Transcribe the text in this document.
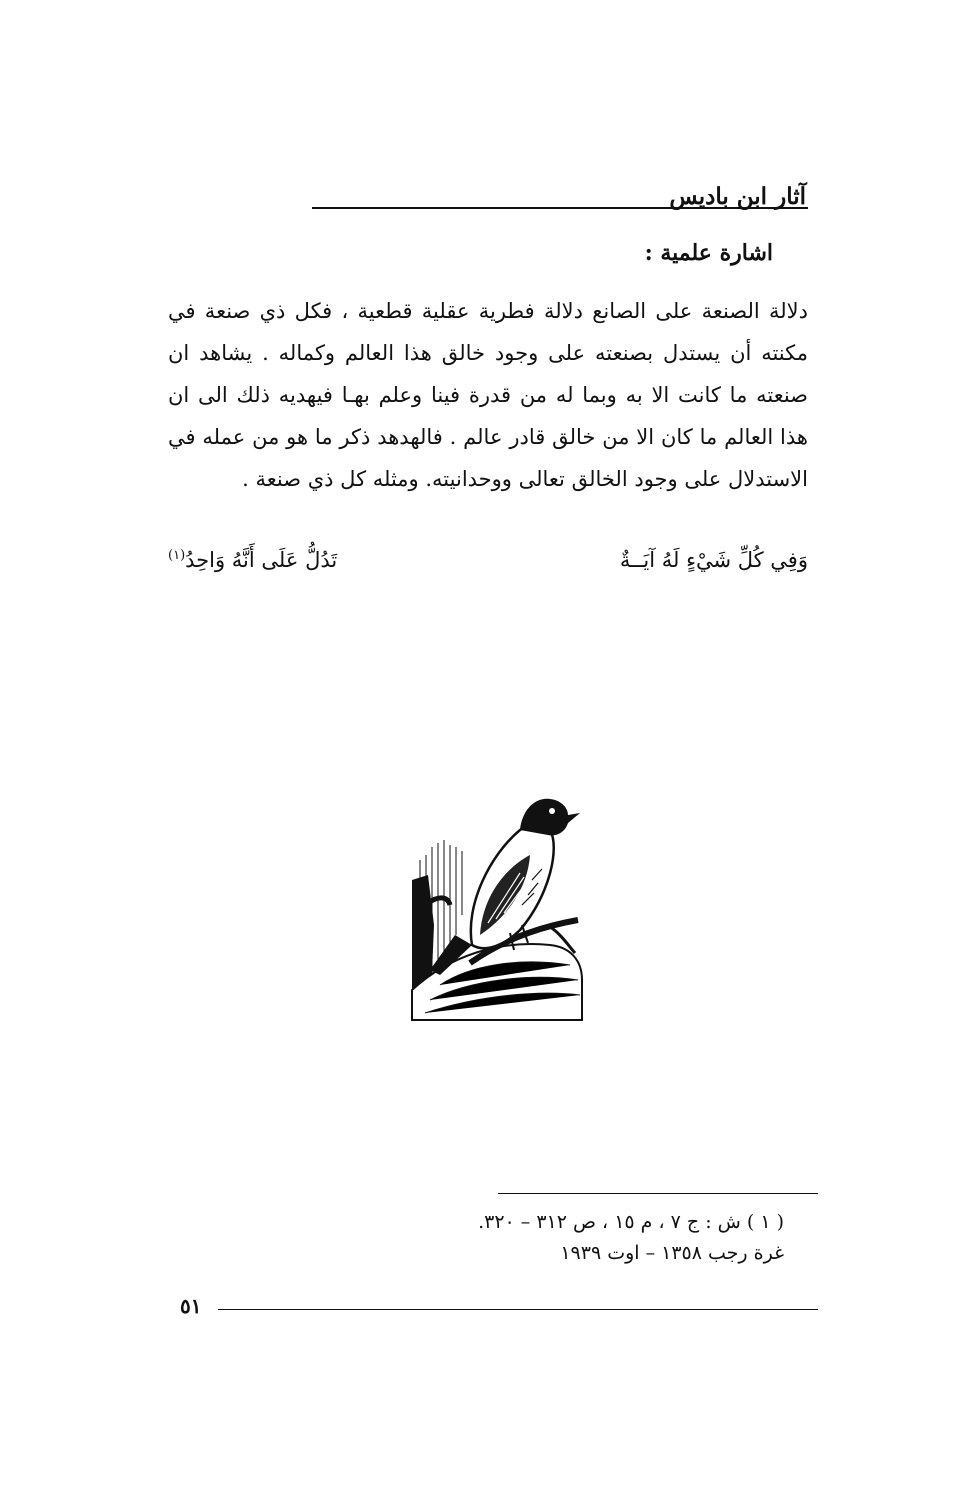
آثار ابن باديس
اشارة علمية :
دلالة الصنعة على الصانع دلالة فطرية عقلية قطعية ، فكل ذي صنعة في مكنته أن يستدل بصنعته على وجود خالق هذا العالم وكماله . يشاهد ان صنعته ما كانت الا به وبما له من قدرة فينا وعلم بهـا فيهديه ذلك الى ان هذا العالم ما كان الا من خالق قادر عالم . فالهدهد ذكر ما هو من عمله في الاستدلال على وجود الخالق تعالى ووحدانيته. ومثله كل ذي صنعة .
وَفِي كُلِّ شَيْءٍ لَهُ آيَــةٌ
تَدُلُّ عَلَى أَنَّهُ وَاحِدُ(١)
( ١ ) ش : ج ٧ ، م ١٥ ، ص ٣١٢ – ٣٢٠.
غرة رجب ١٣٥٨ – اوت ١٩٣٩
٥١
